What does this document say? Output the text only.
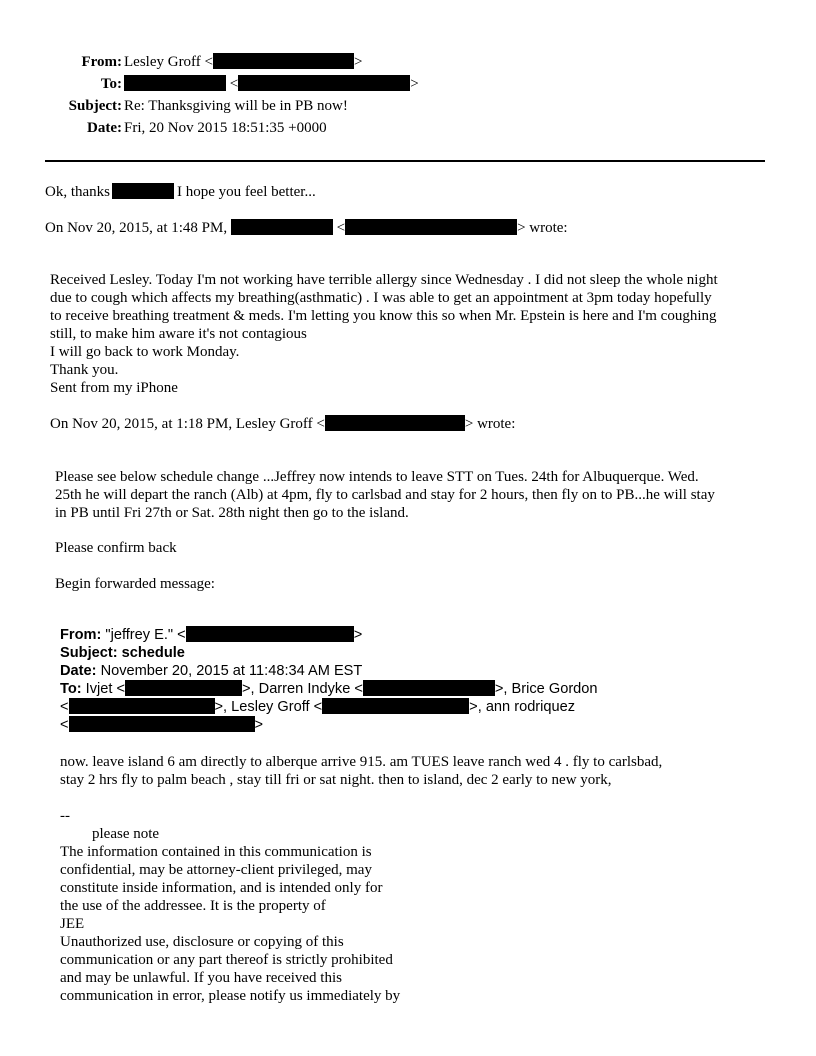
From: Lesley Groff <	>
To:	<	>
Subject: Re: Thanksgiving will be in PB now!
Date: Fri, 20 Nov 2015 18:51:35 +0000
Ok, thanks	I hope you feel better...
On Nov 20, 2015, at 1:48 PM,	<	> wrote:
Received Lesley. Today I'm not working have terrible allergy since Wednesday . I did not sleep the whole night
due to cough which affects my breathing(asthmatic) . I was able to get an appointment at 3pm today hopefully
to receive breathing treatment & meds. I'm letting you know this so when Mr. Epstein is here and I'm coughing
still, to make him aware it's not contagious
I will go back to work Monday.
Thank you.
Sent from my iPhone
On Nov 20, 2015, at 1:18 PM, Lesley Groff <	> wrote:
Please see below schedule change ...Jeffrey now intends to leave STT on Tues. 24th for Albuquerque. Wed.
25th he will depart the ranch (Alb) at 4pm, fly to carlsbad and stay for 2 hours, then fly on to PB...he will stay
in PB until Fri 27th or Sat. 28th night then go to the island.
Please confirm back
Begin forwarded message:
From: "jeffrey E." <	>
Subject: schedule
Date: November 20, 2015 at 11:48:34 AM EST
To: Ivjet <	>, Darren Indyke <	>, Brice Gordon
<	>, Lesley Groff <	>, ann rodriquez
<	>
now. leave island 6 am directly to alberque arrive 915. am TUES leave ranch wed 4 . fly to carlsbad,
stay 2 hrs fly to palm beach , stay till fri or sat night. then to island, dec 2 early to new york,
--
please note
The information contained in this communication is
confidential, may be attorney-client privileged, may
constitute inside information, and is intended only for
the use of the addressee. It is the property of
JEE
Unauthorized use, disclosure or copying of this
communication or any part thereof is strictly prohibited
and may be unlawful. If you have received this
communication in error, please notify us immediately by
